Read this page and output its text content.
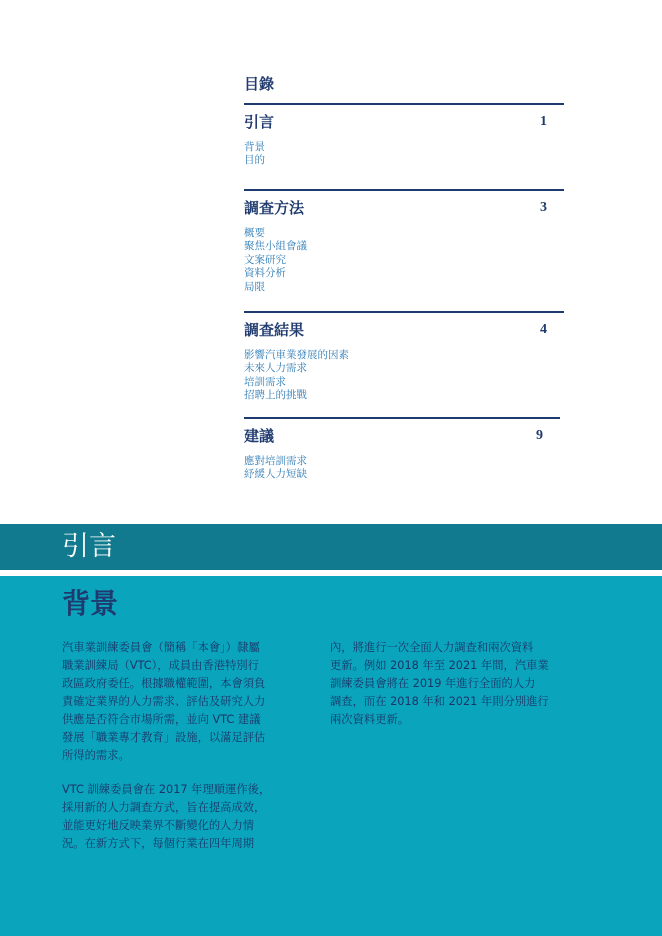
目錄
引言	1
背景
目的
調查方法	3
概要
聚焦小組會議
文案研究
資料分析
局限
調查結果	4
影響汽車業發展的因素
未來人力需求
培訓需求
招聘上的挑戰
建議	9
應對培訓需求
紓緩人力短缺
引言
背景

汽車業訓練委員會（簡稱「本會」）隸屬
職業訓練局（VTC），成員由香港特別行
政區政府委任。根據職權範圍，本會須負
責確定業界的人力需求、評估及研究人力
供應是否符合市場所需，並向 VTC 建議
發展「職業專才教育」設施，以滿足評估
所得的需求。

VTC 訓練委員會在 2017 年理順運作後，
採用新的人力調查方式，旨在提高成效，
並能更好地反映業界不斷變化的人力情
況。在新方式下，每個行業在四年周期

內，將進行一次全面人力調查和兩次資料
更新。例如 2018 年至 2021 年間，汽車業
訓練委員會將在 2019 年進行全面的人力
調查，而在 2018 年和 2021 年則分別進行
兩次資料更新。
